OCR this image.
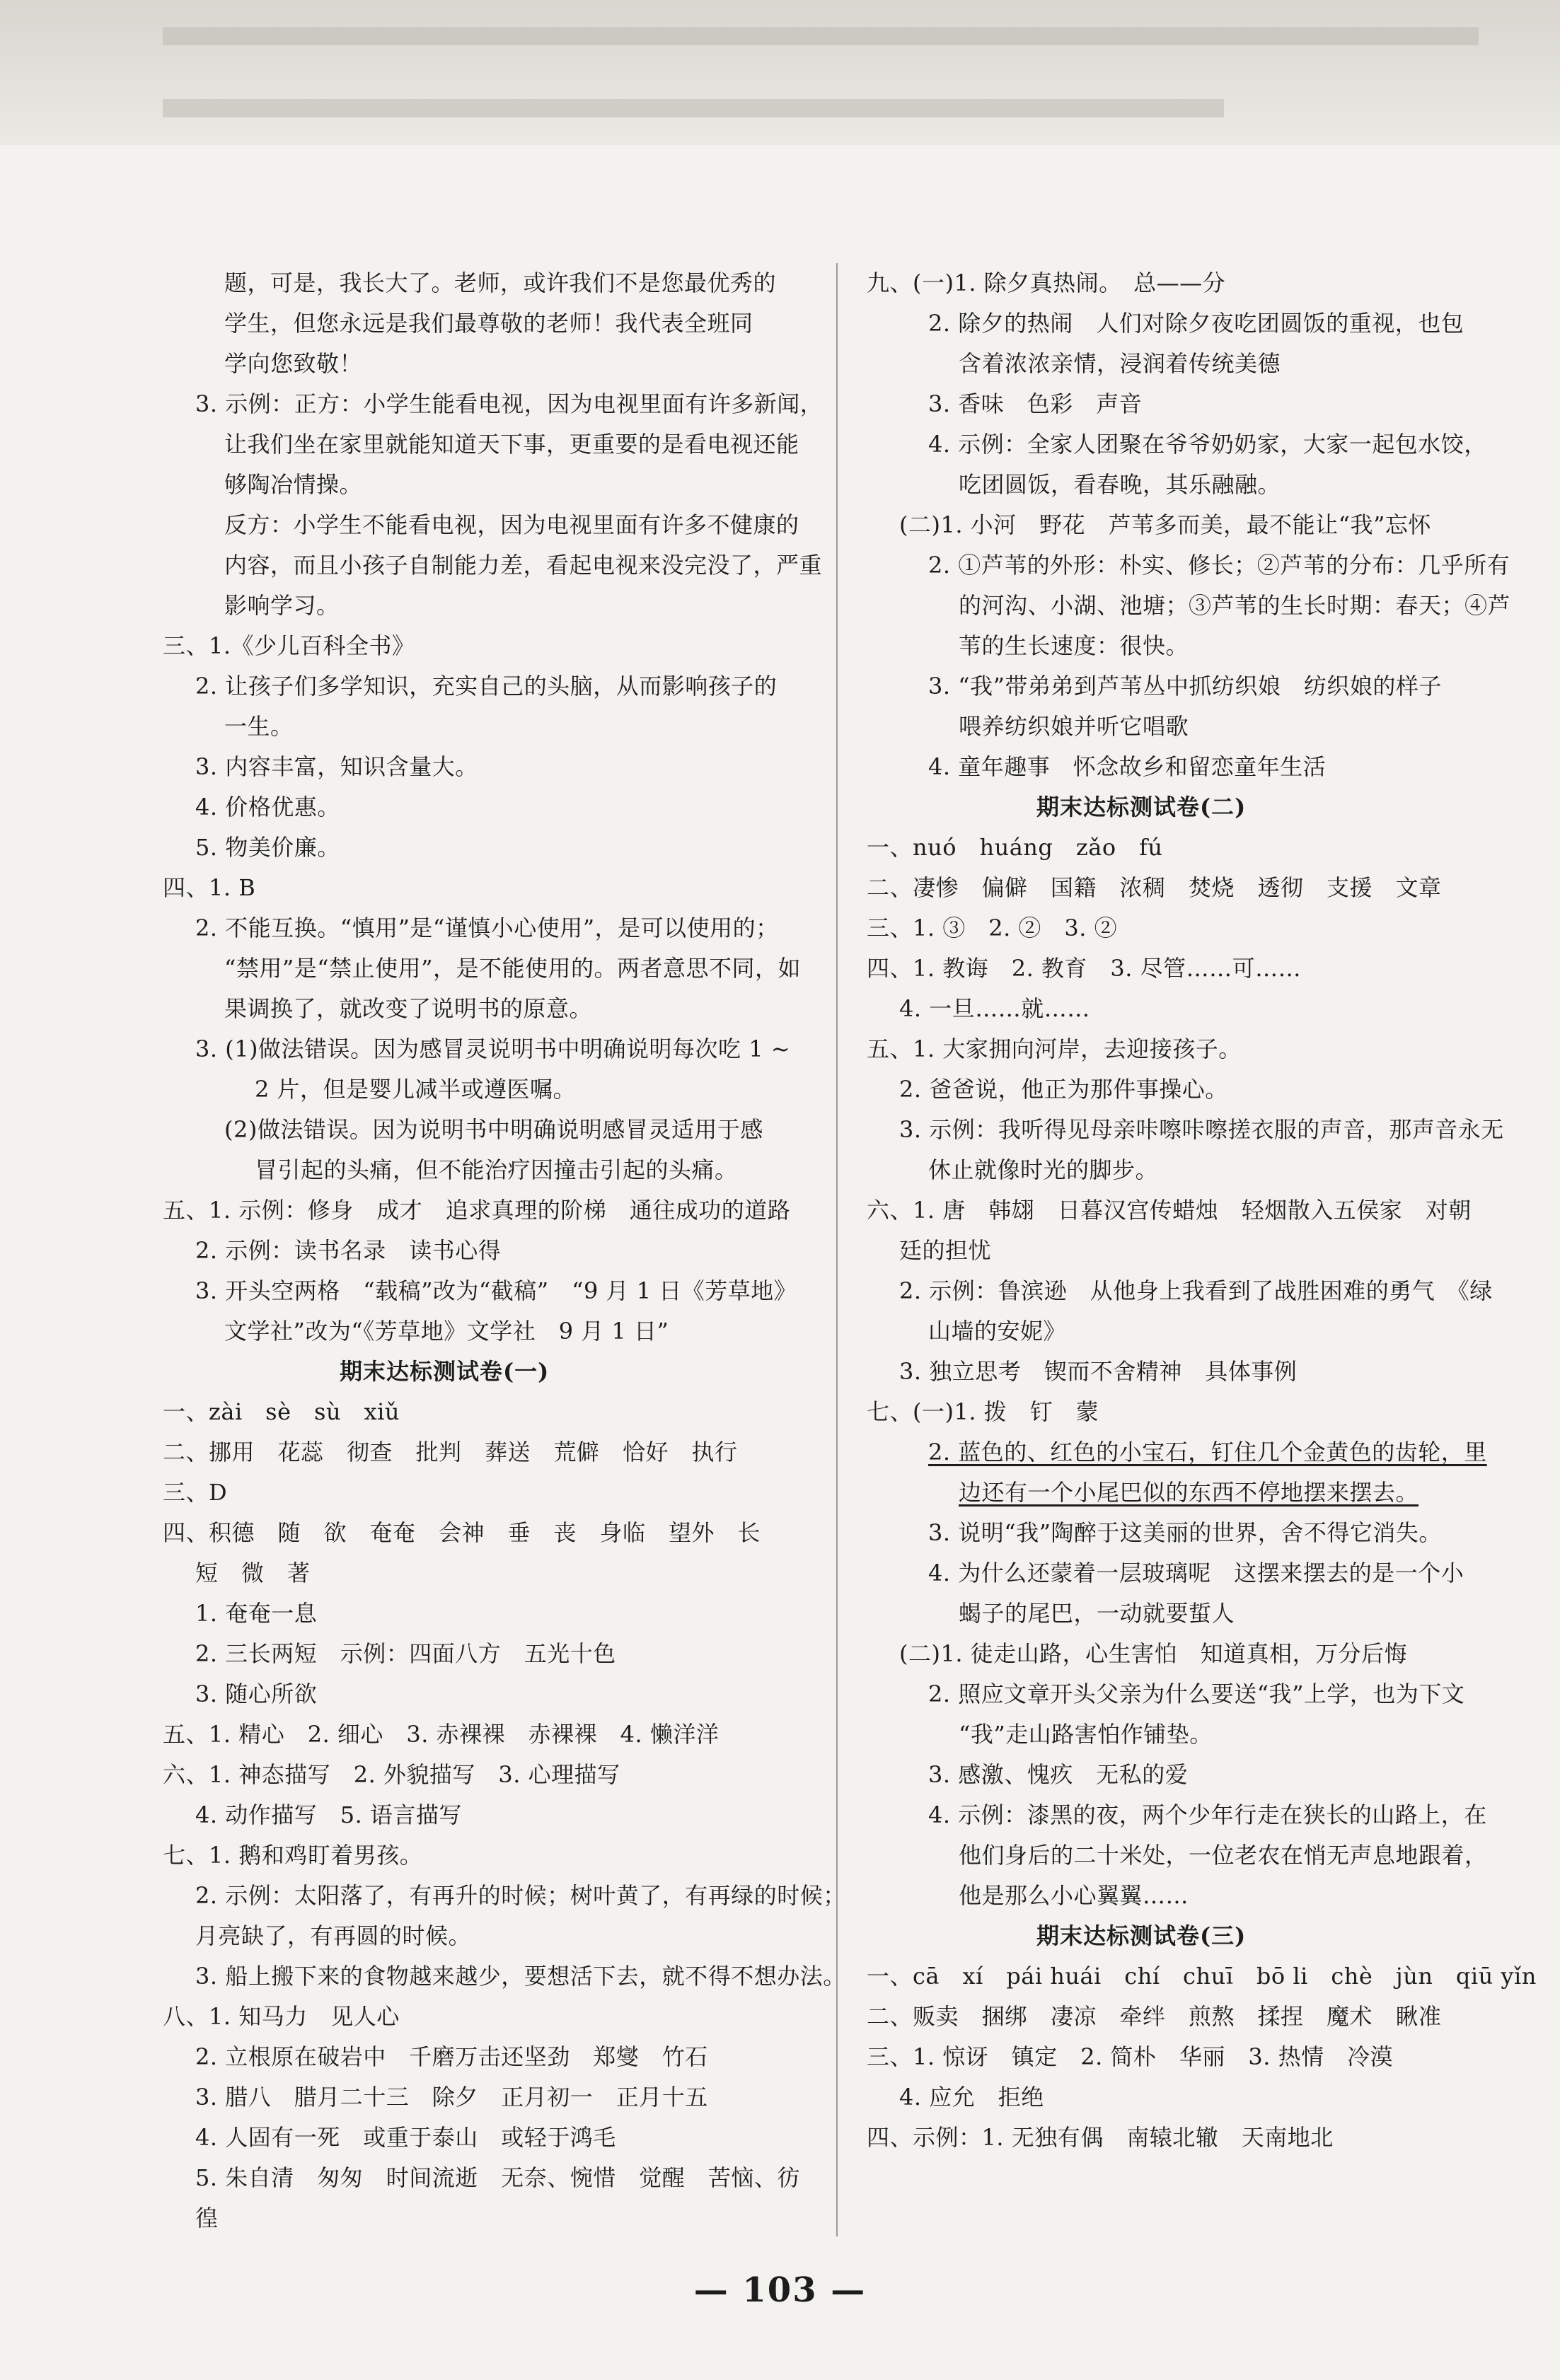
题，可是，我长大了。老师，或许我们不是您最优秀的
学生，但您永远是我们最尊敬的老师！我代表全班同
学向您致敬！
3. 示例：正方：小学生能看电视，因为电视里面有许多新闻，
让我们坐在家里就能知道天下事，更重要的是看电视还能
够陶冶情操。
反方：小学生不能看电视，因为电视里面有许多不健康的
内容，而且小孩子自制能力差，看起电视来没完没了，严重
影响学习。
三、1.《少儿百科全书》
2. 让孩子们多学知识，充实自己的头脑，从而影响孩子的
一生。
3. 内容丰富，知识含量大。
4. 价格优惠。
5. 物美价廉。
四、1. B
2. 不能互换。“慎用”是“谨慎小心使用”，是可以使用的；
“禁用”是“禁止使用”，是不能使用的。两者意思不同，如
果调换了，就改变了说明书的原意。
3. (1)做法错误。因为感冒灵说明书中明确说明每次吃 1 ~
2 片，但是婴儿减半或遵医嘱。
(2)做法错误。因为说明书中明确说明感冒灵适用于感
冒引起的头痛，但不能治疗因撞击引起的头痛。
五、1. 示例：修身　成才　追求真理的阶梯　通往成功的道路
2. 示例：读书名录　读书心得
3. 开头空两格　“载稿”改为“截稿”　“9 月 1 日《芳草地》
文学社”改为“《芳草地》文学社　9 月 1 日”
期末达标测试卷(一)
一、zài　sè　sù　xiǔ
二、挪用　花蕊　彻查　批判　葬送　荒僻　恰好　执行
三、D
四、积德　随　欲　奄奄　会神　垂　丧　身临　望外　长
短　微　著
1. 奄奄一息
2. 三长两短　示例：四面八方　五光十色
3. 随心所欲
五、1. 精心　2. 细心　3. 赤裸裸　赤裸裸　4. 懒洋洋
六、1. 神态描写　2. 外貌描写　3. 心理描写
4. 动作描写　5. 语言描写
七、1. 鹅和鸡盯着男孩。
2. 示例：太阳落了，有再升的时候；树叶黄了，有再绿的时候；
月亮缺了，有再圆的时候。
3. 船上搬下来的食物越来越少，要想活下去，就不得不想办法。
八、1. 知马力　见人心
2. 立根原在破岩中　千磨万击还坚劲　郑燮　竹石
3. 腊八　腊月二十三　除夕　正月初一　正月十五
4. 人固有一死　或重于泰山　或轻于鸿毛
5. 朱自清　匆匆　时间流逝　无奈、惋惜　觉醒　苦恼、彷
徨
九、(一)1. 除夕真热闹。　总——分
2. 除夕的热闹　人们对除夕夜吃团圆饭的重视，也包
含着浓浓亲情，浸润着传统美德
3. 香味　色彩　声音
4. 示例：全家人团聚在爷爷奶奶家，大家一起包水饺，
吃团圆饭，看春晚，其乐融融。
(二)1. 小河　野花　芦苇多而美，最不能让“我”忘怀
2. ①芦苇的外形：朴实、修长；②芦苇的分布：几乎所有
的河沟、小湖、池塘；③芦苇的生长时期：春天；④芦
苇的生长速度：很快。
3. “我”带弟弟到芦苇丛中抓纺织娘　纺织娘的样子
喂养纺织娘并听它唱歌
4. 童年趣事　怀念故乡和留恋童年生活
期末达标测试卷(二)
一、nuó　huáng　zǎo　fú
二、凄惨　偏僻　国籍　浓稠　焚烧　透彻　支援　文章
三、1. ③　2. ②　3. ②
四、1. 教诲　2. 教育　3. 尽管……可……
4. 一旦……就……
五、1. 大家拥向河岸，去迎接孩子。
2. 爸爸说，他正为那件事操心。
3. 示例：我听得见母亲咔嚓咔嚓搓衣服的声音，那声音永无
休止就像时光的脚步。
六、1. 唐　韩翃　日暮汉宫传蜡烛　轻烟散入五侯家　对朝
廷的担忧
2. 示例：鲁滨逊　从他身上我看到了战胜困难的勇气　《绿
山墙的安妮》
3. 独立思考　锲而不舍精神　具体事例
七、(一)1. 拨　钉　蒙
2. 蓝色的、红色的小宝石，钉住几个金黄色的齿轮，里
边还有一个小尾巴似的东西不停地摆来摆去。
3. 说明“我”陶醉于这美丽的世界，舍不得它消失。
4. 为什么还蒙着一层玻璃呢　这摆来摆去的是一个小
蝎子的尾巴，一动就要蜇人
(二)1. 徒走山路，心生害怕　知道真相，万分后悔
2. 照应文章开头父亲为什么要送“我”上学，也为下文
“我”走山路害怕作铺垫。
3. 感激、愧疚　无私的爱
4. 示例：漆黑的夜，两个少年行走在狭长的山路上，在
他们身后的二十米处，一位老农在悄无声息地跟着，
他是那么小心翼翼……
期末达标测试卷(三)
一、cā　xí　pái huái　chí　chuī　bō li　chè　jùn　qiū yǐn
二、贩卖　捆绑　凄凉　牵绊　煎熬　揉捏　魔术　瞅准
三、1. 惊讶　镇定　2. 简朴　华丽　3. 热情　冷漠
4. 应允　拒绝
四、示例：1. 无独有偶　南辕北辙　天南地北
— 103 —
